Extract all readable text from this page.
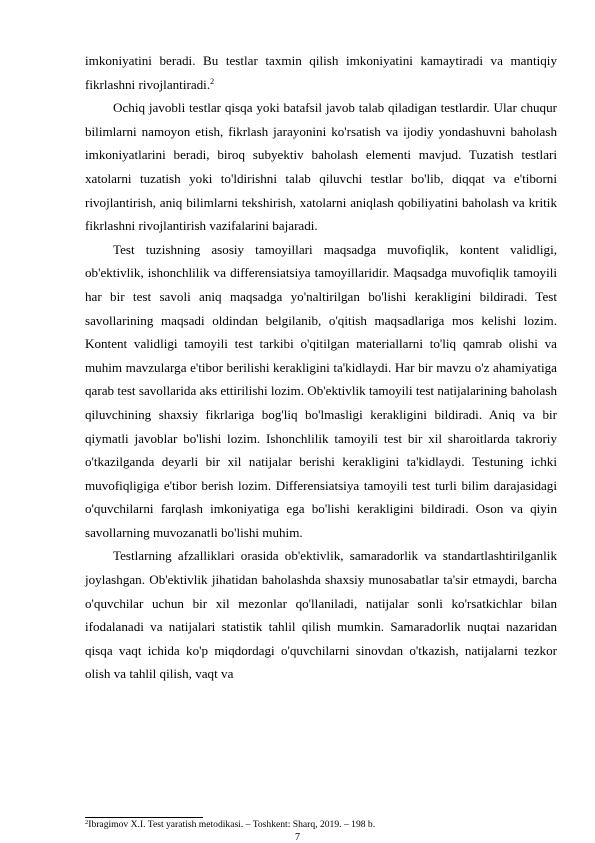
imkoniyatini beradi. Bu testlar taxmin qilish imkoniyatini kamaytiradi va mantiqiy fikrlashni rivojlantiradi.$^2$

Ochiq javobli testlar qisqa yoki batafsil javob talab qiladigan testlardir. Ular chuqur bilimlarni namoyon etish, fikrlash jarayonini ko'rsatish va ijodiy yondashuvni baholash imkoniyatlarini beradi, biroq subyektiv baholash elementi mavjud. Tuzatish testlari xatolarni tuzatish yoki to'ldirishni talab qiluvchi testlar bo'lib, diqqat va e'tiborni rivojlantirish, aniq bilimlarni tekshirish, xatolarni aniqlash qobiliyatini baholash va kritik fikrlashni rivojlantirish vazifalarini bajaradi.

Test tuzishning asosiy tamoyillari maqsadga muvofiqlik, kontent validligi, ob'ektivlik, ishonchlilik va differensiatsiya tamoyillaridir. Maqsadga muvofiqlik tamoyili har bir test savoli aniq maqsadga yo'naltirilgan bo'lishi kerakligini bildiradi. Test savollarining maqsadi oldindan belgilanib, o'qitish maqsadlariga mos kelishi lozim. Kontent validligi tamoyili test tarkibi o'qitilgan materiallarni to'liq qamrab olishi va muhim mavzularga e'tibor berilishi kerakligini ta'kidlaydi. Har bir mavzu o'z ahamiyatiga qarab test savollarida aks ettirilishi lozim. Ob'ektivlik tamoyili test natijalarining baholash qiluvchining shaxsiy fikrlariga bog'liq bo'lmasligi kerakligini bildiradi. Aniq va bir qiymatli javoblar bo'lishi lozim. Ishonchlilik tamoyili test bir xil sharoitlarda takroriy o'tkazilganda deyarli bir xil natijalar berishi kerakligini ta'kidlaydi. Testuning ichki muvofiqligiga e'tibor berish lozim. Differensiatsiya tamoyili test turli bilim darajasidagi o'quvchilarni farqlash imkoniyatiga ega bo'lishi kerakligini bildiradi. Oson va qiyin savollarning muvozanatli bo'lishi muhim.

Testlarning afzalliklari orasida ob'ektivlik, samaradorlik va standartlashtirilganlik joylashgan. Ob'ektivlik jihatidan baholashda shaxsiy munosabatlar ta'sir etmaydi, barcha o'quvchilar uchun bir xil mezonlar qo'llaniladi, natijalar sonli ko'rsatkichlar bilan ifodalanadi va natijalari statistik tahlil qilish mumkin. Samaradorlik nuqtai nazaridan qisqa vaqt ichida ko'p miqdordagi o'quvchilarni sinovdan o'tkazish, natijalarni tezkor olish va tahlil qilish, vaqt va

$^2$Ibragimov X.I. Test yaratish metodikasi. – Toshkent: Sharq, 2019. – 198 b.
7
